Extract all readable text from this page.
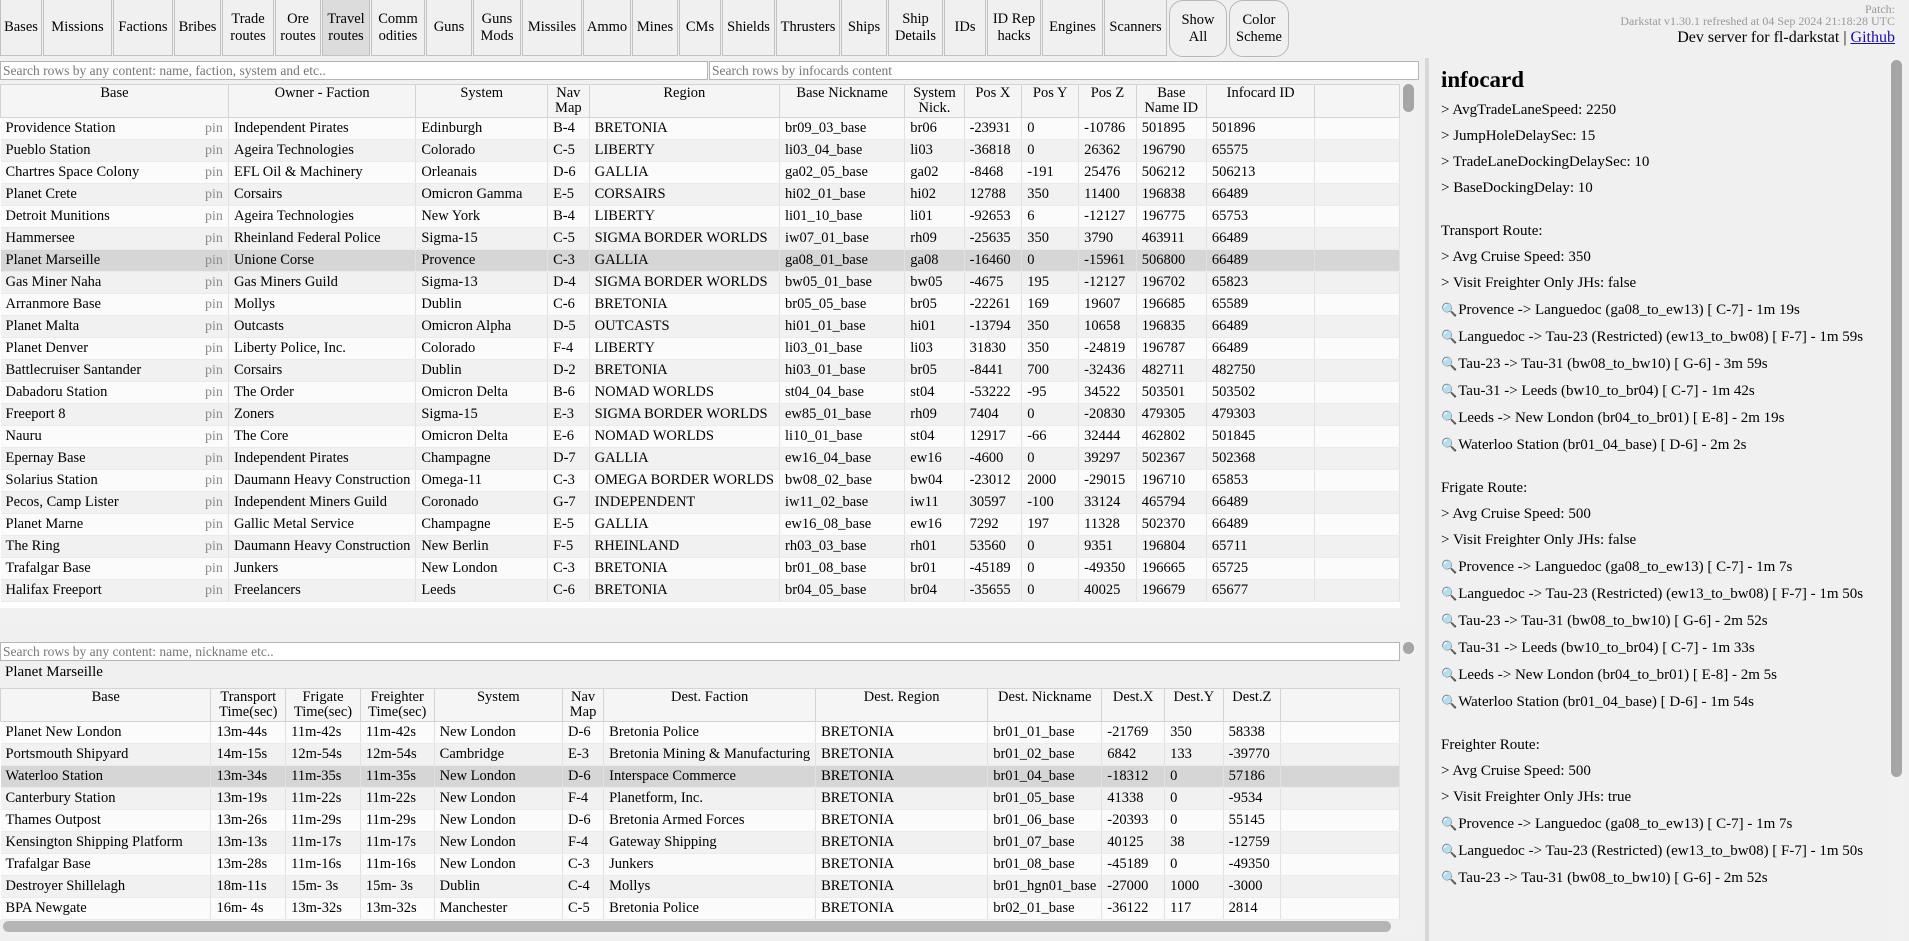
Bases Missions	Factions Bribes
Trade
routes
Ore
routes
Travel
routes
Comm
odities
Guns
Guns
Mods
Missiles Ammo Mines CMs Shields Thrusters Ships
Ship
Details
IDs
ID Rep
hacks
Engines Scanners	Show
All
Color
Scheme
Patch:
Darkstat v1.30.1 refreshed at 04 Sep 2024 21:18:28 UTC
Dev server for fl-darkstat | Github
Search rows by any content: name, faction, system and etc..
Search rows by infocards content
Base	Owner - Faction	System	Nav
Map	Region	Base Nickname	System
Nick.	Pos X	Pos Y	Pos Z	Base
Name ID	Infocard ID	

pin
Providence Station	Independent Pirates	Edinburgh	B-4	BRETONIA	br09_03_base	br06	-23931	0	-10786	501895	501896	

pin
Pueblo Station	Ageira Technologies	Colorado	C-5	LIBERTY	li03_04_base	li03	-36818	0	26362	196790	65575	

pin
Chartres Space Colony	EFL Oil & Machinery	Orleanais	D-6	GALLIA	ga02_05_base	ga02	-8468	-191	25476	506212	506213	

pin
Planet Crete	Corsairs	Omicron Gamma	E-5	CORSAIRS	hi02_01_base	hi02	12788	350	11400	196838	66489	

pin
Detroit Munitions	Ageira Technologies	New York	B-4	LIBERTY	li01_10_base	li01	-92653	6	-12127	196775	65753	

pin
Hammersee	Rheinland Federal Police	Sigma-15	C-5	SIGMA BORDER WORLDS	iw07_01_base	rh09	-25635	350	3790	463911	66489	

pin
Planet Marseille	Unione Corse	Provence	C-3	GALLIA	ga08_01_base	ga08	-16460	0	-15961	506800	66489	

pin
Gas Miner Naha	Gas Miners Guild	Sigma-13	D-4	SIGMA BORDER WORLDS	bw05_01_base	bw05	-4675	195	-12127	196702	65823	

pin
Arranmore Base	Mollys	Dublin	C-6	BRETONIA	br05_05_base	br05	-22261	169	19607	196685	65589	

pin
Planet Malta	Outcasts	Omicron Alpha	D-5	OUTCASTS	hi01_01_base	hi01	-13794	350	10658	196835	66489	

pin
Planet Denver	Liberty Police, Inc.	Colorado	F-4	LIBERTY	li03_01_base	li03	31830	350	-24819	196787	66489	

pin
Battlecruiser Santander	Corsairs	Dublin	D-2	BRETONIA	hi03_01_base	br05	-8441	700	-32436	482711	482750	

pin
Dabadoru Station	The Order	Omicron Delta	B-6	NOMAD WORLDS	st04_04_base	st04	-53222	-95	34522	503501	503502	

pin
Freeport 8	Zoners	Sigma-15	E-3	SIGMA BORDER WORLDS	ew85_01_base	rh09	7404	0	-20830	479305	479303	

pin
Nauru	The Core	Omicron Delta	E-6	NOMAD WORLDS	li10_01_base	st04	12917	-66	32444	462802	501845	

pin
Epernay Base	Independent Pirates	Champagne	D-7	GALLIA	ew16_04_base	ew16	-4600	0	39297	502367	502368	

pin
Solarius Station	Daumann Heavy Construction	Omega-11	C-3	OMEGA BORDER WORLDS	bw08_02_base	bw04	-23012	2000	-29015	196710	65853	

pin
Pecos, Camp Lister	Independent Miners Guild	Coronado	G-7	INDEPENDENT	iw11_02_base	iw11	30597	-100	33124	465794	66489	

pin
Planet Marne	Gallic Metal Service	Champagne	E-5	GALLIA	ew16_08_base	ew16	7292	197	11328	502370	66489	

pin
The Ring	Daumann Heavy Construction	New Berlin	F-5	RHEINLAND	rh03_03_base	rh01	53560	0	9351	196804	65711	

pin
Trafalgar Base	Junkers	New London	C-3	BRETONIA	br01_08_base	br01	-45189	0	-49350	196665	65725	

pin
Halifax Freeport	Freelancers	Leeds	C-6	BRETONIA	br04_05_base	br04	-35655	0	40025	196679	65677	
Search rows by any content: name, nickname etc..
Planet Marseille
Base	Transport
Time(sec)	Frigate
Time(sec)	Freighter
Time(sec)	System	Nav
Map	Dest. Faction	Dest. Region	Dest. Nickname	Dest.X	Dest.Y	Dest.Z	
Planet New London	13m-44s	11m-42s	11m-42s	New London	D-6	Bretonia Police	BRETONIA	br01_01_base	-21769	350	58338	
Portsmouth Shipyard	14m-15s	12m-54s	12m-54s	Cambridge	E-3	Bretonia Mining & Manufacturing	BRETONIA	br01_02_base	6842	133	-39770	
Waterloo Station	13m-34s	11m-35s	11m-35s	New London	D-6	Interspace Commerce	BRETONIA	br01_04_base	-18312	0	57186	
Canterbury Station	13m-19s	11m-22s	11m-22s	New London	F-4	Planetform, Inc.	BRETONIA	br01_05_base	41338	0	-9534	
Thames Outpost	13m-26s	11m-29s	11m-29s	New London	D-6	Bretonia Armed Forces	BRETONIA	br01_06_base	-20393	0	55145	
Kensington Shipping Platform	13m-13s	11m-17s	11m-17s	New London	F-4	Gateway Shipping	BRETONIA	br01_07_base	40125	38	-12759	
Trafalgar Base	13m-28s	11m-16s	11m-16s	New London	C-3	Junkers	BRETONIA	br01_08_base	-45189	0	-49350	
Destroyer Shillelagh	18m-11s	15m- 3s	15m- 3s	Dublin	C-4	Mollys	BRETONIA	br01_hgn01_base	-27000	1000	-3000	
BPA Newgate	16m- 4s	13m-32s	13m-32s	Manchester	C-5	Bretonia Police	BRETONIA	br02_01_base	-36122	117	2814	
infocard
> AvgTradeLaneSpeed: 2250
> JumpHoleDelaySec: 15
> TradeLaneDockingDelaySec: 10
> BaseDockingDelay: 10
Transport Route:
> Avg Cruise Speed: 350
> Visit Freighter Only JHs: false
🔍Provence -> Languedoc (ga08_to_ew13) [ C-7] - 1m 19s
🔍Languedoc -> Tau-23 (Restricted) (ew13_to_bw08) [ F-7] - 1m 59s
🔍Tau-23 -> Tau-31 (bw08_to_bw10) [ G-6] - 3m 59s
🔍Tau-31 -> Leeds (bw10_to_br04) [ C-7] - 1m 42s
🔍Leeds -> New London (br04_to_br01) [ E-8] - 2m 19s
🔍Waterloo Station (br01_04_base) [ D-6] - 2m 2s
Frigate Route:
> Avg Cruise Speed: 500
> Visit Freighter Only JHs: false
🔍Provence -> Languedoc (ga08_to_ew13) [ C-7] - 1m 7s
🔍Languedoc -> Tau-23 (Restricted) (ew13_to_bw08) [ F-7] - 1m 50s
🔍Tau-23 -> Tau-31 (bw08_to_bw10) [ G-6] - 2m 52s
🔍Tau-31 -> Leeds (bw10_to_br04) [ C-7] - 1m 33s
🔍Leeds -> New London (br04_to_br01) [ E-8] - 2m 5s
🔍Waterloo Station (br01_04_base) [ D-6] - 1m 54s
Freighter Route:
> Avg Cruise Speed: 500
> Visit Freighter Only JHs: true
🔍Provence -> Languedoc (ga08_to_ew13) [ C-7] - 1m 7s
🔍Languedoc -> Tau-23 (Restricted) (ew13_to_bw08) [ F-7] - 1m 50s
🔍Tau-23 -> Tau-31 (bw08_to_bw10) [ G-6] - 2m 52s
